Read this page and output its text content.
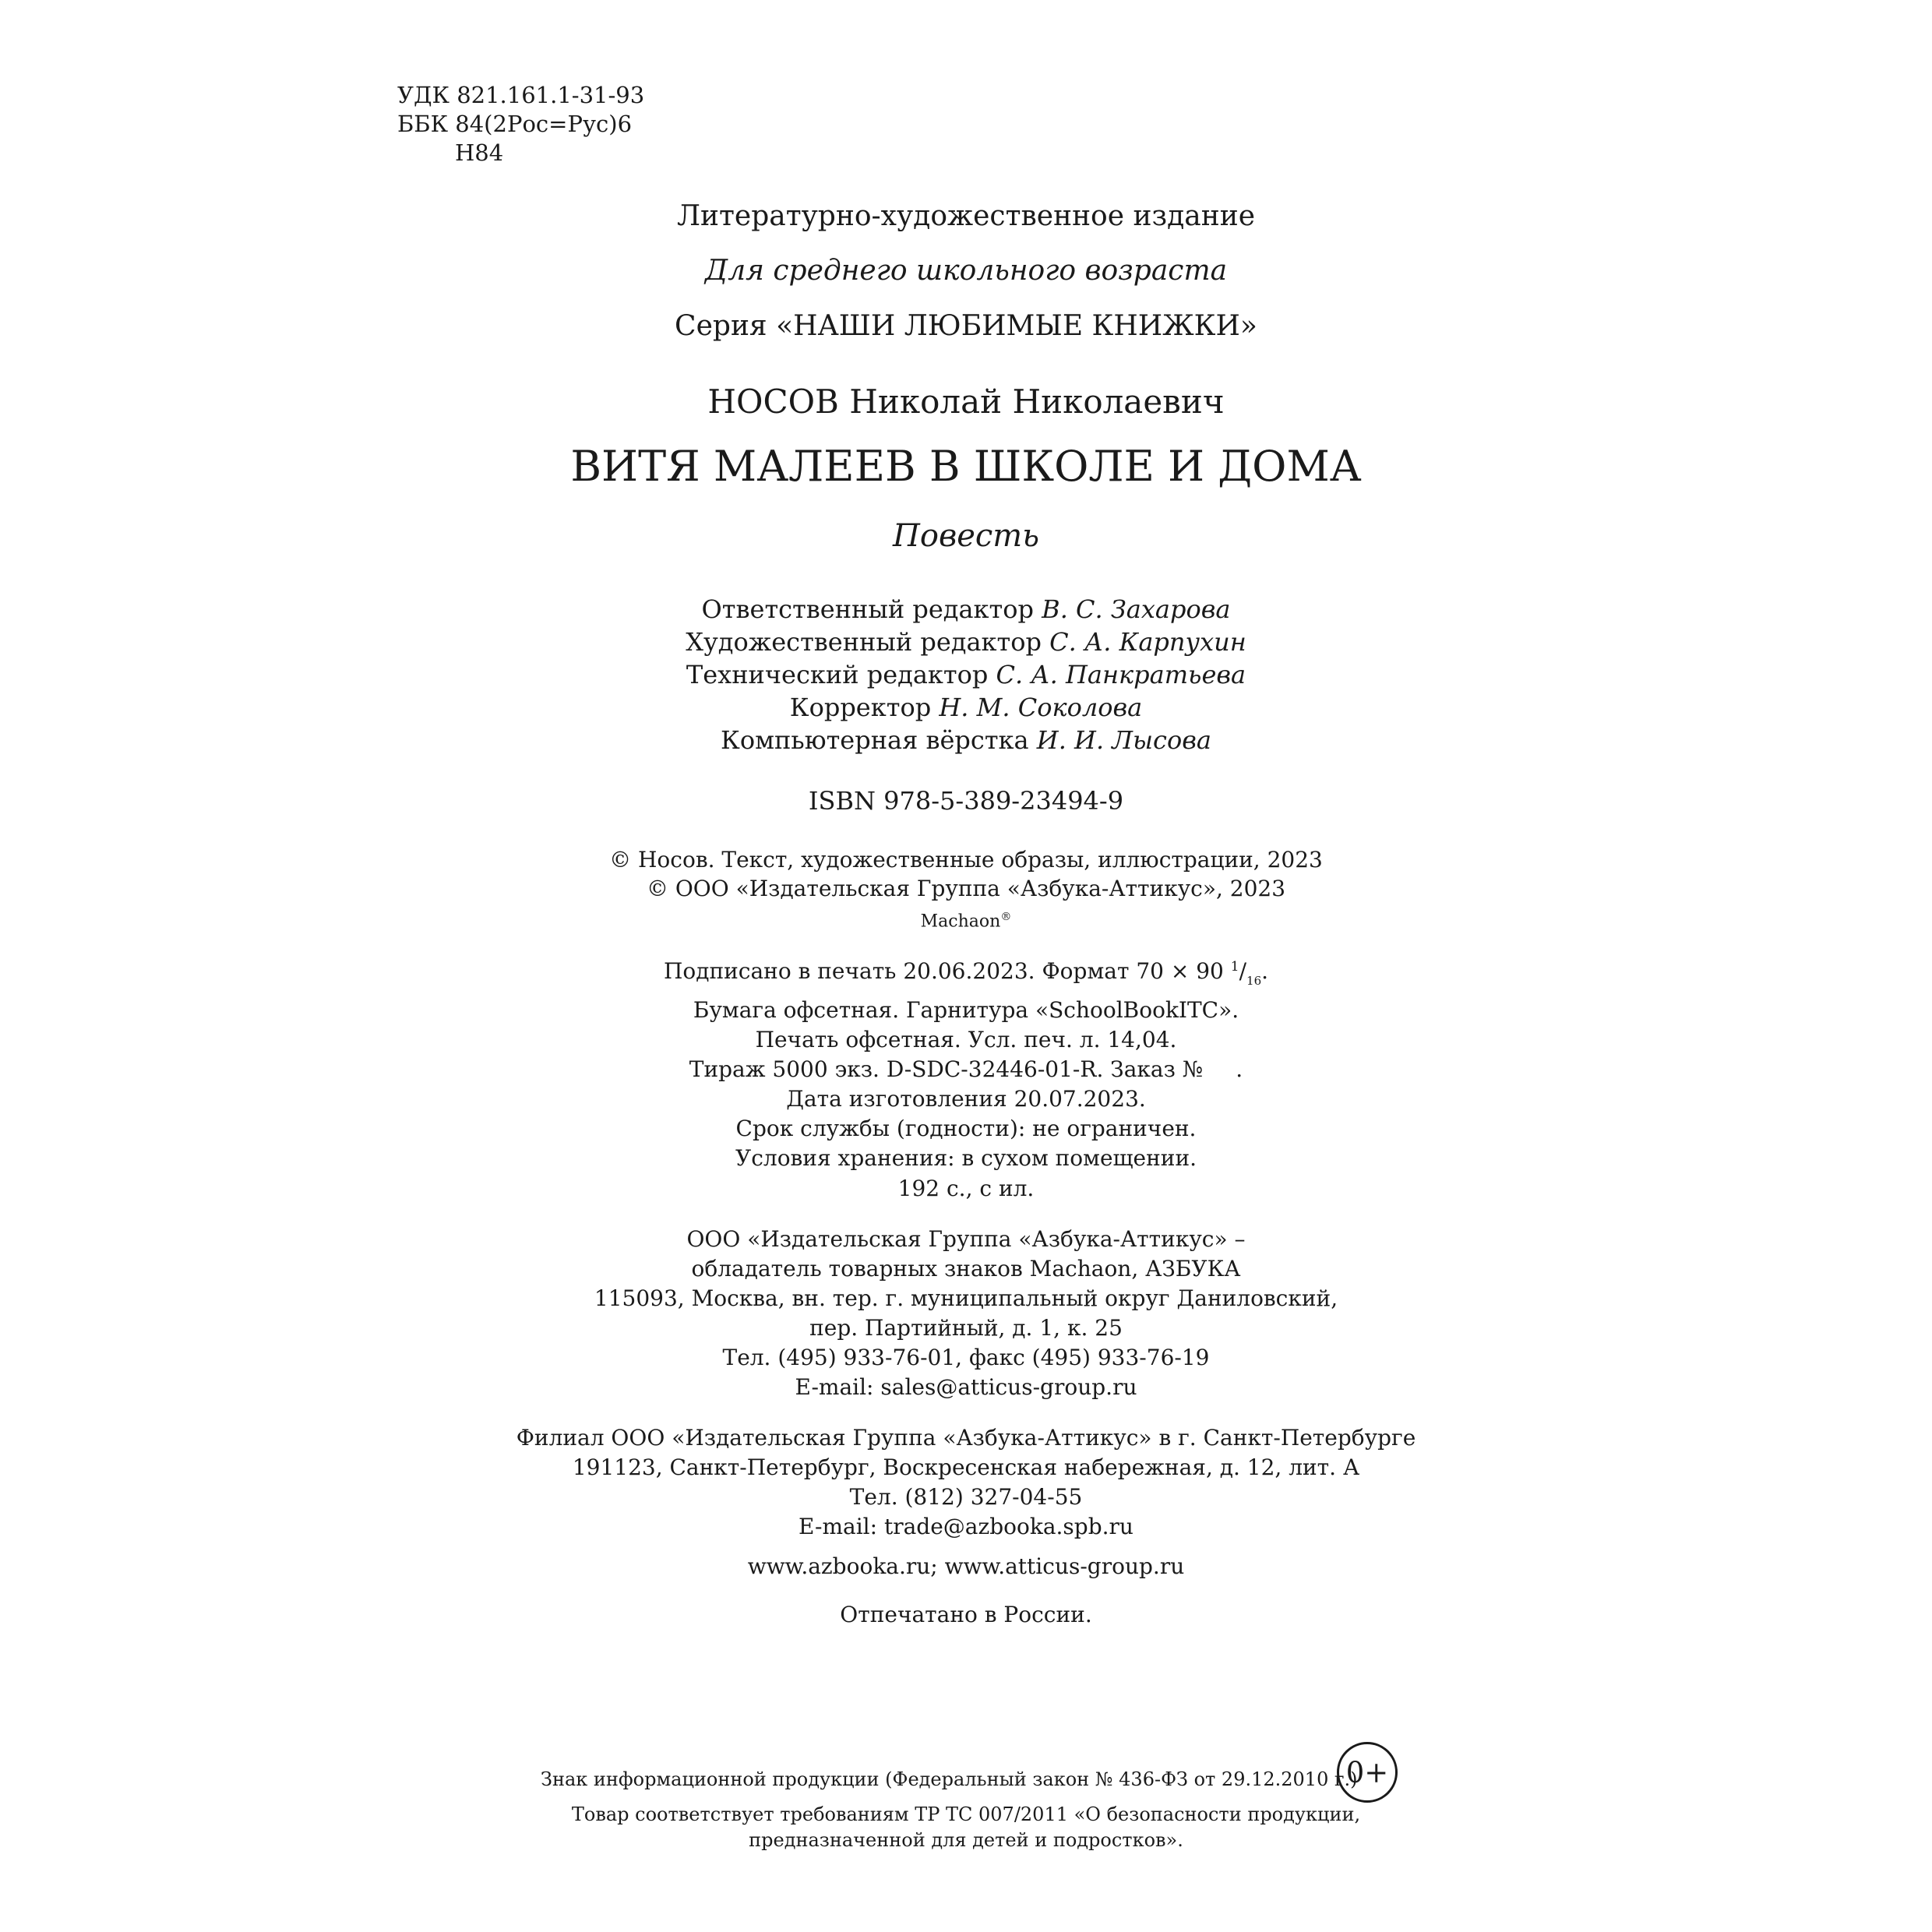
УДК 821.161.1-31-93
ББК 84(2Рос=Рус)6
Н84
Литературно-художественное издание
Для среднего школьного возраста
Серия «НАШИ ЛЮБИМЫЕ КНИЖКИ»
НОСОВ Николай Николаевич
ВИТЯ МАЛЕЕВ В ШКОЛЕ И ДОМА
Повесть
Ответственный редактор В. С. Захарова
Художественный редактор С. А. Карпухин
Технический редактор С. А. Панкратьева
Корректор Н. М. Соколова
Компьютерная вёрстка И. И. Лысова
ISBN 978-5-389-23494-9
© Носов. Текст, художественные образы, иллюстрации, 2023
© ООО «Издательская Группа «Азбука-Аттикус», 2023
Machaon®
Подписано в печать 20.06.2023. Формат 70 × 90 $^1/_{16}$.
Бумага офсетная. Гарнитура «SchoolBookITC».
Печать офсетная. Усл. печ. л. 14,04.
Тираж 5000 экз. D-SDC-32446-01-R. Заказ № .
Дата изготовления 20.07.2023.
Срок службы (годности): не ограничен.
Условия хранения: в сухом помещении.
192 с., с ил.
ООО «Издательская Группа «Азбука-Аттикус» –
обладатель товарных знаков Machaon, АЗБУКА
115093, Москва, вн. тер. г. муниципальный округ Даниловский,
пер. Партийный, д. 1, к. 25
Тел. (495) 933-76-01, факс (495) 933-76-19
E-mail: sales@atticus-group.ru
Филиал ООО «Издательская Группа «Азбука-Аттикус» в г. Санкт-Петербурге
191123, Санкт-Петербург, Воскресенская набережная, д. 12, лит. А
Тел. (812) 327-04-55
E-mail: trade@azbooka.spb.ru
www.azbooka.ru; www.atticus-group.ru
Отпечатано в России.
Знак информационной продукции (Федеральный закон № 436-ФЗ от 29.12.2010 г.)
0+
Товар соответствует требованиям ТР ТС 007/2011 «О безопасности продукции,
предназначенной для детей и подростков».
